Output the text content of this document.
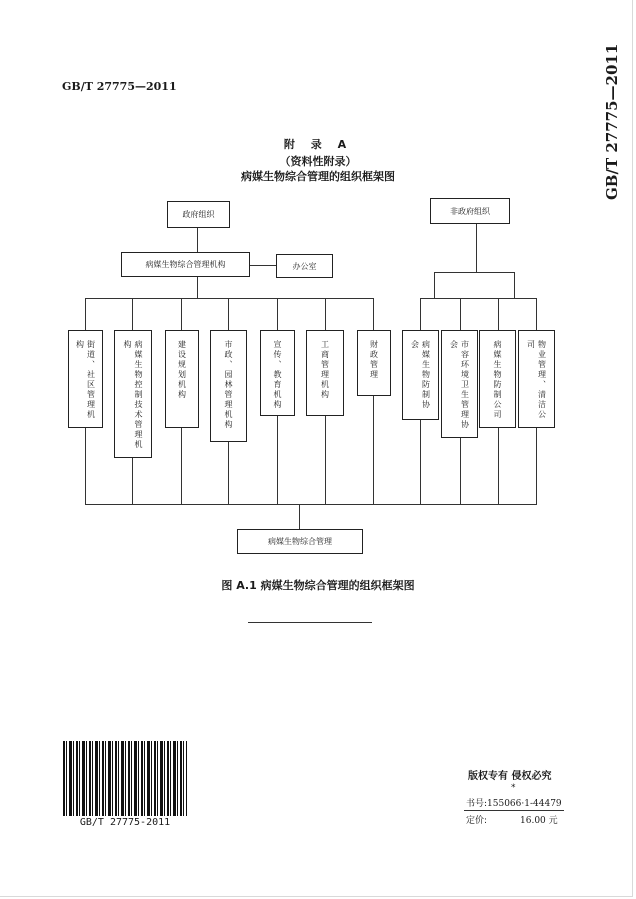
GB/T 27775—2011	GB/T 27775—2011
附 录 A
（资料性附录）
病媒生物综合管理的组织框架图
政府组织	非政府组织
病媒生物综合管理机构	办公室
街道、社区管理机构	病媒生物控制技术管理机构	建设规划机构	市政、园林管理机构	宣传、教育机构	工商管理机构	财政管理	病媒生物防制协会	市容环境卫生管理协会	病媒生物防制公司	物业管理、清洁公司
病媒生物综合管理
图 A.1 病媒生物综合管理的组织框架图
GB/T 27775-2011
版权专有 侵权必究
*
书号:155066·1-44479
定价:	16.00 元
